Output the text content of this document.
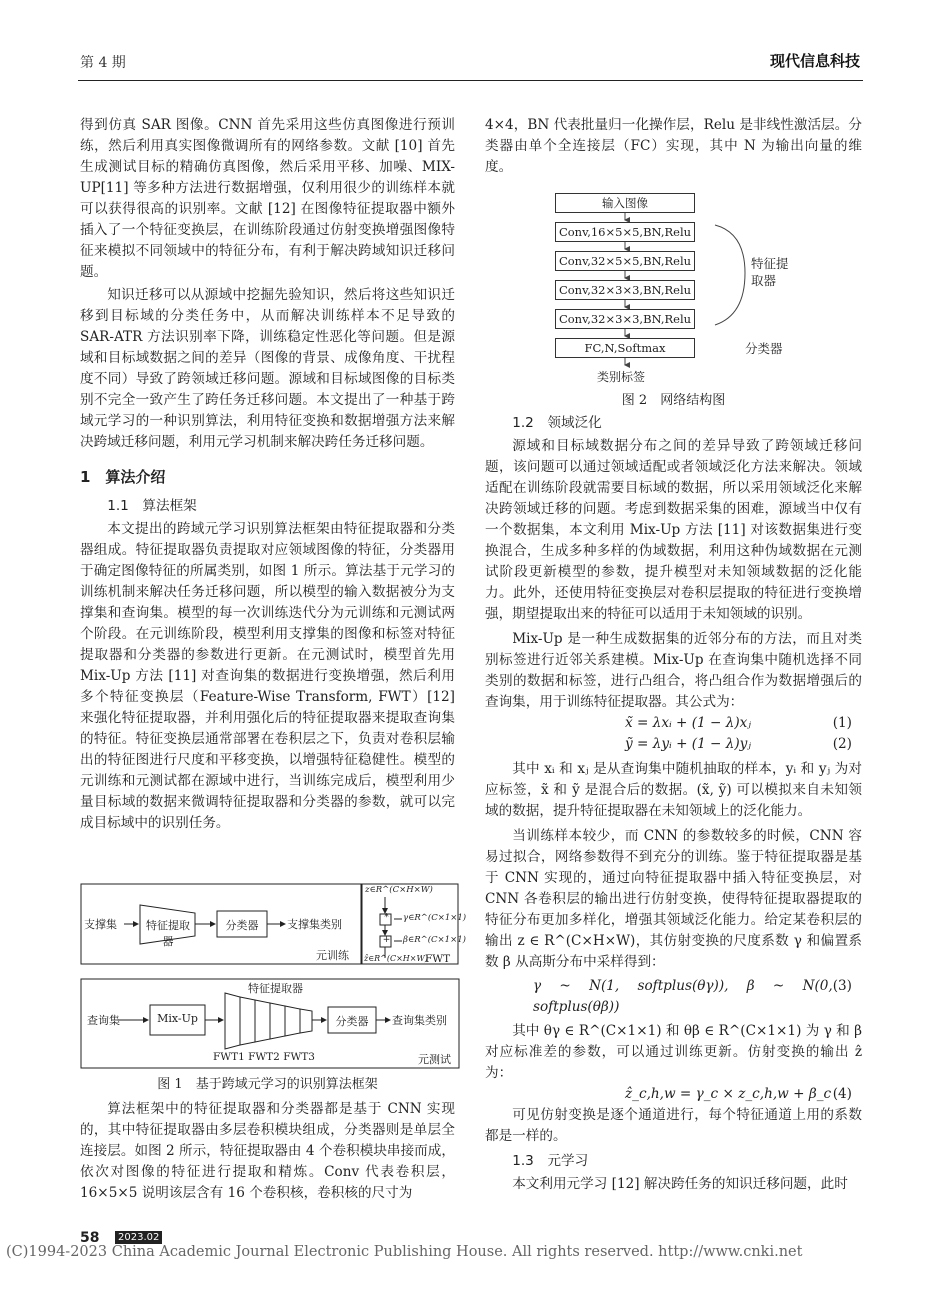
第 4 期	现代信息科技

得到仿真 SAR 图像。CNN 首先采用这些仿真图像进行预训练，然后利用真实图像微调所有的网络参数。文献 [10] 首先生成测试目标的精确仿真图像，然后采用平移、加噪、MIX-UP[11] 等多种方法进行数据增强，仅利用很少的训练样本就可以获得很高的识别率。文献 [12] 在图像特征提取器中额外插入了一个特征变换层，在训练阶段通过仿射变换增强图像特征来模拟不同领域中的特征分布，有利于解决跨域知识迁移问题。

知识迁移可以从源域中挖掘先验知识，然后将这些知识迁移到目标域的分类任务中，从而解决训练样本不足导致的 SAR-ATR 方法识别率下降，训练稳定性恶化等问题。但是源域和目标域数据之间的差异（图像的背景、成像角度、干扰程度不同）导致了跨领域迁移问题。源域和目标域图像的目标类别不完全一致产生了跨任务迁移问题。本文提出了一种基于跨域元学习的一种识别算法，利用特征变换和数据增强方法来解决跨域迁移问题，利用元学习机制来解决跨任务迁移问题。

1　算法介绍

1.1　算法框架

本文提出的跨域元学习识别算法框架由特征提取器和分类器组成。特征提取器负责提取对应领域图像的特征，分类器用于确定图像特征的所属类别，如图 1 所示。算法基于元学习的训练机制来解决任务迁移问题，所以模型的输入数据被分为支撑集和查询集。模型的每一次训练迭代分为元训练和元测试两个阶段。在元训练阶段，模型利用支撑集的图像和标签对特征提取器和分类器的参数进行更新。在元测试时，模型首先用 Mix-Up 方法 [11] 对查询集的数据进行变换增强，然后利用多个特征变换层（Feature-Wise Transform, FWT）[12] 来强化特征提取器，并利用强化后的特征提取器来提取查询集的特征。特征变换层通常部署在卷积层之下，负责对卷积层输出的特征图进行尺度和平移变换，以增强特征稳健性。模型的元训练和元测试都在源域中进行，当训练完成后，模型利用少量目标域的数据来微调特征提取器和分类器的参数，就可以完成目标域中的识别任务。

支撑集	特征提取器
分类器	支撑集类别
元训练
z∈R^(C×H×W)
*
+
γ∈R^(C×1×1)
β∈R^(C×1×1)
ẑ∈R^(C×H×W)
FWT
查询集	Mix-Up
特征提取器
分类器	查询集类别
FWT1 FWT2 FWT3	元测试

图 1　基于跨域元学习的识别算法框架

算法框架中的特征提取器和分类器都是基于 CNN 实现的，其中特征提取器由多层卷积模块组成，分类器则是单层全连接层。如图 2 所示，特征提取器由 4 个卷积模块串接而成，依次对图像的特征进行提取和精炼。Conv 代表卷积层，16×5×5 说明该层含有 16 个卷积核，卷积核的尺寸为

4×4，BN 代表批量归一化操作层，Relu 是非线性激活层。分类器由单个全连接层（FC）实现，其中 N 为输出向量的维度。

输入图像
Conv,16×5×5,BN,Relu
Conv,32×5×5,BN,Relu
Conv,32×3×3,BN,Relu
Conv,32×3×3,BN,Relu
FC,N,Softmax
类别标签
特征提取器
分类器

图 2　网络结构图

1.2　领域泛化

源域和目标域数据分布之间的差异导致了跨领域迁移问题，该问题可以通过领域适配或者领域泛化方法来解决。领域适配在训练阶段就需要目标域的数据，所以采用领域泛化来解决跨领域迁移的问题。考虑到数据采集的困难，源域当中仅有一个数据集，本文利用 Mix-Up 方法 [11] 对该数据集进行变换混合，生成多种多样的伪域数据，利用这种伪域数据在元测试阶段更新模型的参数，提升模型对未知领域数据的泛化能力。此外，还使用特征变换层对卷积层提取的特征进行变换增强，期望提取出来的特征可以适用于未知领域的识别。

Mix-Up 是一种生成数据集的近邻分布的方法，而且对类别标签进行近邻关系建模。Mix-Up 在查询集中随机选择不同类别的数据和标签，进行凸组合，将凸组合作为数据增强后的查询集，用于训练特征提取器。其公式为：

x̃ = λxᵢ + (1 − λ)xⱼ	(1)
ỹ = λyᵢ + (1 − λ)yⱼ	(2)

其中 xᵢ 和 xⱼ 是从查询集中随机抽取的样本，yᵢ 和 yⱼ 为对应标签，x̃ 和 ỹ 是混合后的数据。(x̃, ỹ) 可以模拟来自未知领域的数据，提升特征提取器在未知领域上的泛化能力。

当训练样本较少，而 CNN 的参数较多的时候，CNN 容易过拟合，网络参数得不到充分的训练。鉴于特征提取器是基于 CNN 实现的，通过向特征提取器中插入特征变换层，对 CNN 各卷积层的输出进行仿射变换，使得特征提取器提取的特征分布更加多样化，增强其领域泛化能力。给定某卷积层的输出 z ∈ R^(C×H×W)，其仿射变换的尺度系数 γ 和偏置系数 β 从高斯分布中采样得到：

γ ~ N(1, softplus(θγ)), β ~ N(0, softplus(θβ))
(3)

其中 θγ ∈ R^(C×1×1) 和 θβ ∈ R^(C×1×1) 为 γ 和 β 对应标准差的参数，可以通过训练更新。仿射变换的输出 ẑ 为：

ẑ_c,h,w = γ_c × z_c,h,w + β_c (4)

可见仿射变换是逐个通道进行，每个特征通道上用的系数都是一样的。

1.3　元学习

本文利用元学习 [12] 解决跨任务的知识迁移问题，此时

58	2023.02
(C)1994-2023 China Academic Journal Electronic Publishing House. All rights reserved. http://www.cnki.net
